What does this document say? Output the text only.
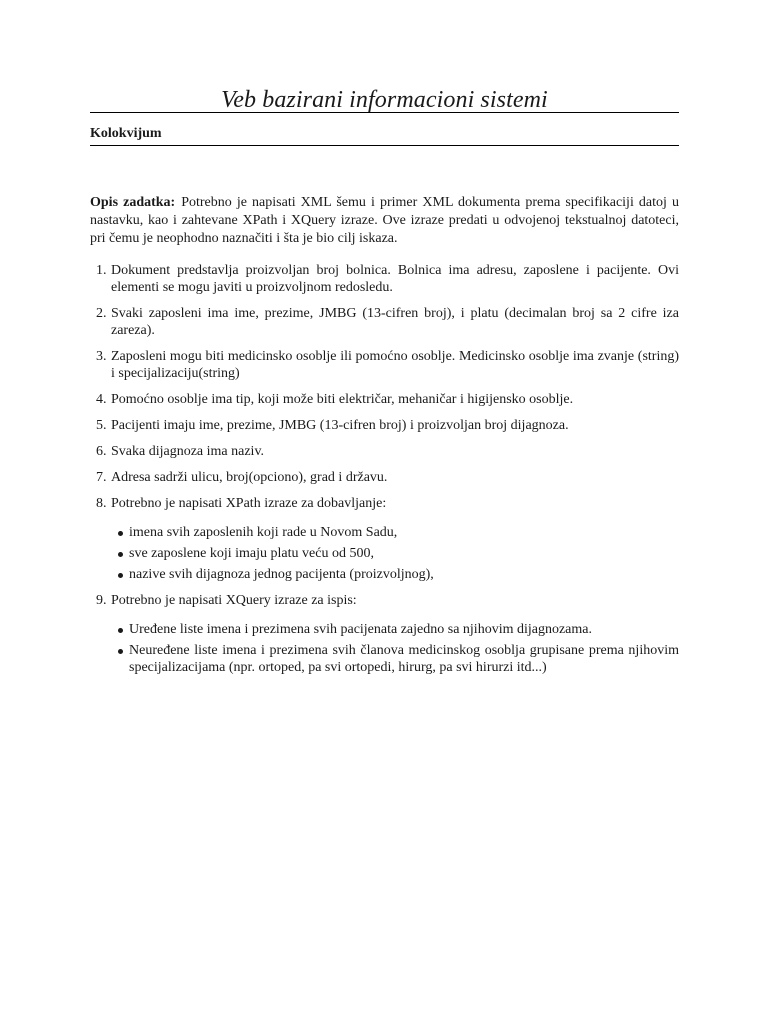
Veb bazirani informacioni sistemi
Kolokvijum
Opis zadatka: Potrebno je napisati XML šemu i primer XML dokumenta prema specifikaciji datoj u nastavku, kao i zahtevane XPath i XQuery izraze. Ove izraze predati u odvojenoj tekstualnoj datoteci, pri čemu je neophodno naznačiti i šta je bio cilj iskaza.
1. Dokument predstavlja proizvoljan broj bolnica. Bolnica ima adresu, zaposlene i pacijente. Ovi elementi se mogu javiti u proizvoljnom redosledu.
2. Svaki zaposleni ima ime, prezime, JMBG (13-cifren broj), i platu (decimalan broj sa 2 cifre iza zareza).
3. Zaposleni mogu biti medicinsko osoblje ili pomoćno osoblje. Medicinsko osoblje ima zvanje (string) i specijalizaciju(string)
4. Pomoćno osoblje ima tip, koji može biti električar, mehaničar i higijensko osoblje.
5. Pacijenti imaju ime, prezime, JMBG (13-cifren broj) i proizvoljan broj dijagnoza.
6. Svaka dijagnoza ima naziv.
7. Adresa sadrži ulicu, broj(opciono), grad i državu.
8. Potrebno je napisati XPath izraze za dobavljanje:
imena svih zaposlenih koji rade u Novom Sadu,
sve zaposlene koji imaju platu veću od 500,
nazive svih dijagnoza jednog pacijenta (proizvoljnog),
9. Potrebno je napisati XQuery izraze za ispis:
Uređene liste imena i prezimena svih pacijenata zajedno sa njihovim dijagnozama.
Neuređene liste imena i prezimena svih članova medicinskog osoblja grupisane prema njihovim specijalizacijama (npr. ortoped, pa svi ortopedi, hirurg, pa svi hirurzi itd...)
